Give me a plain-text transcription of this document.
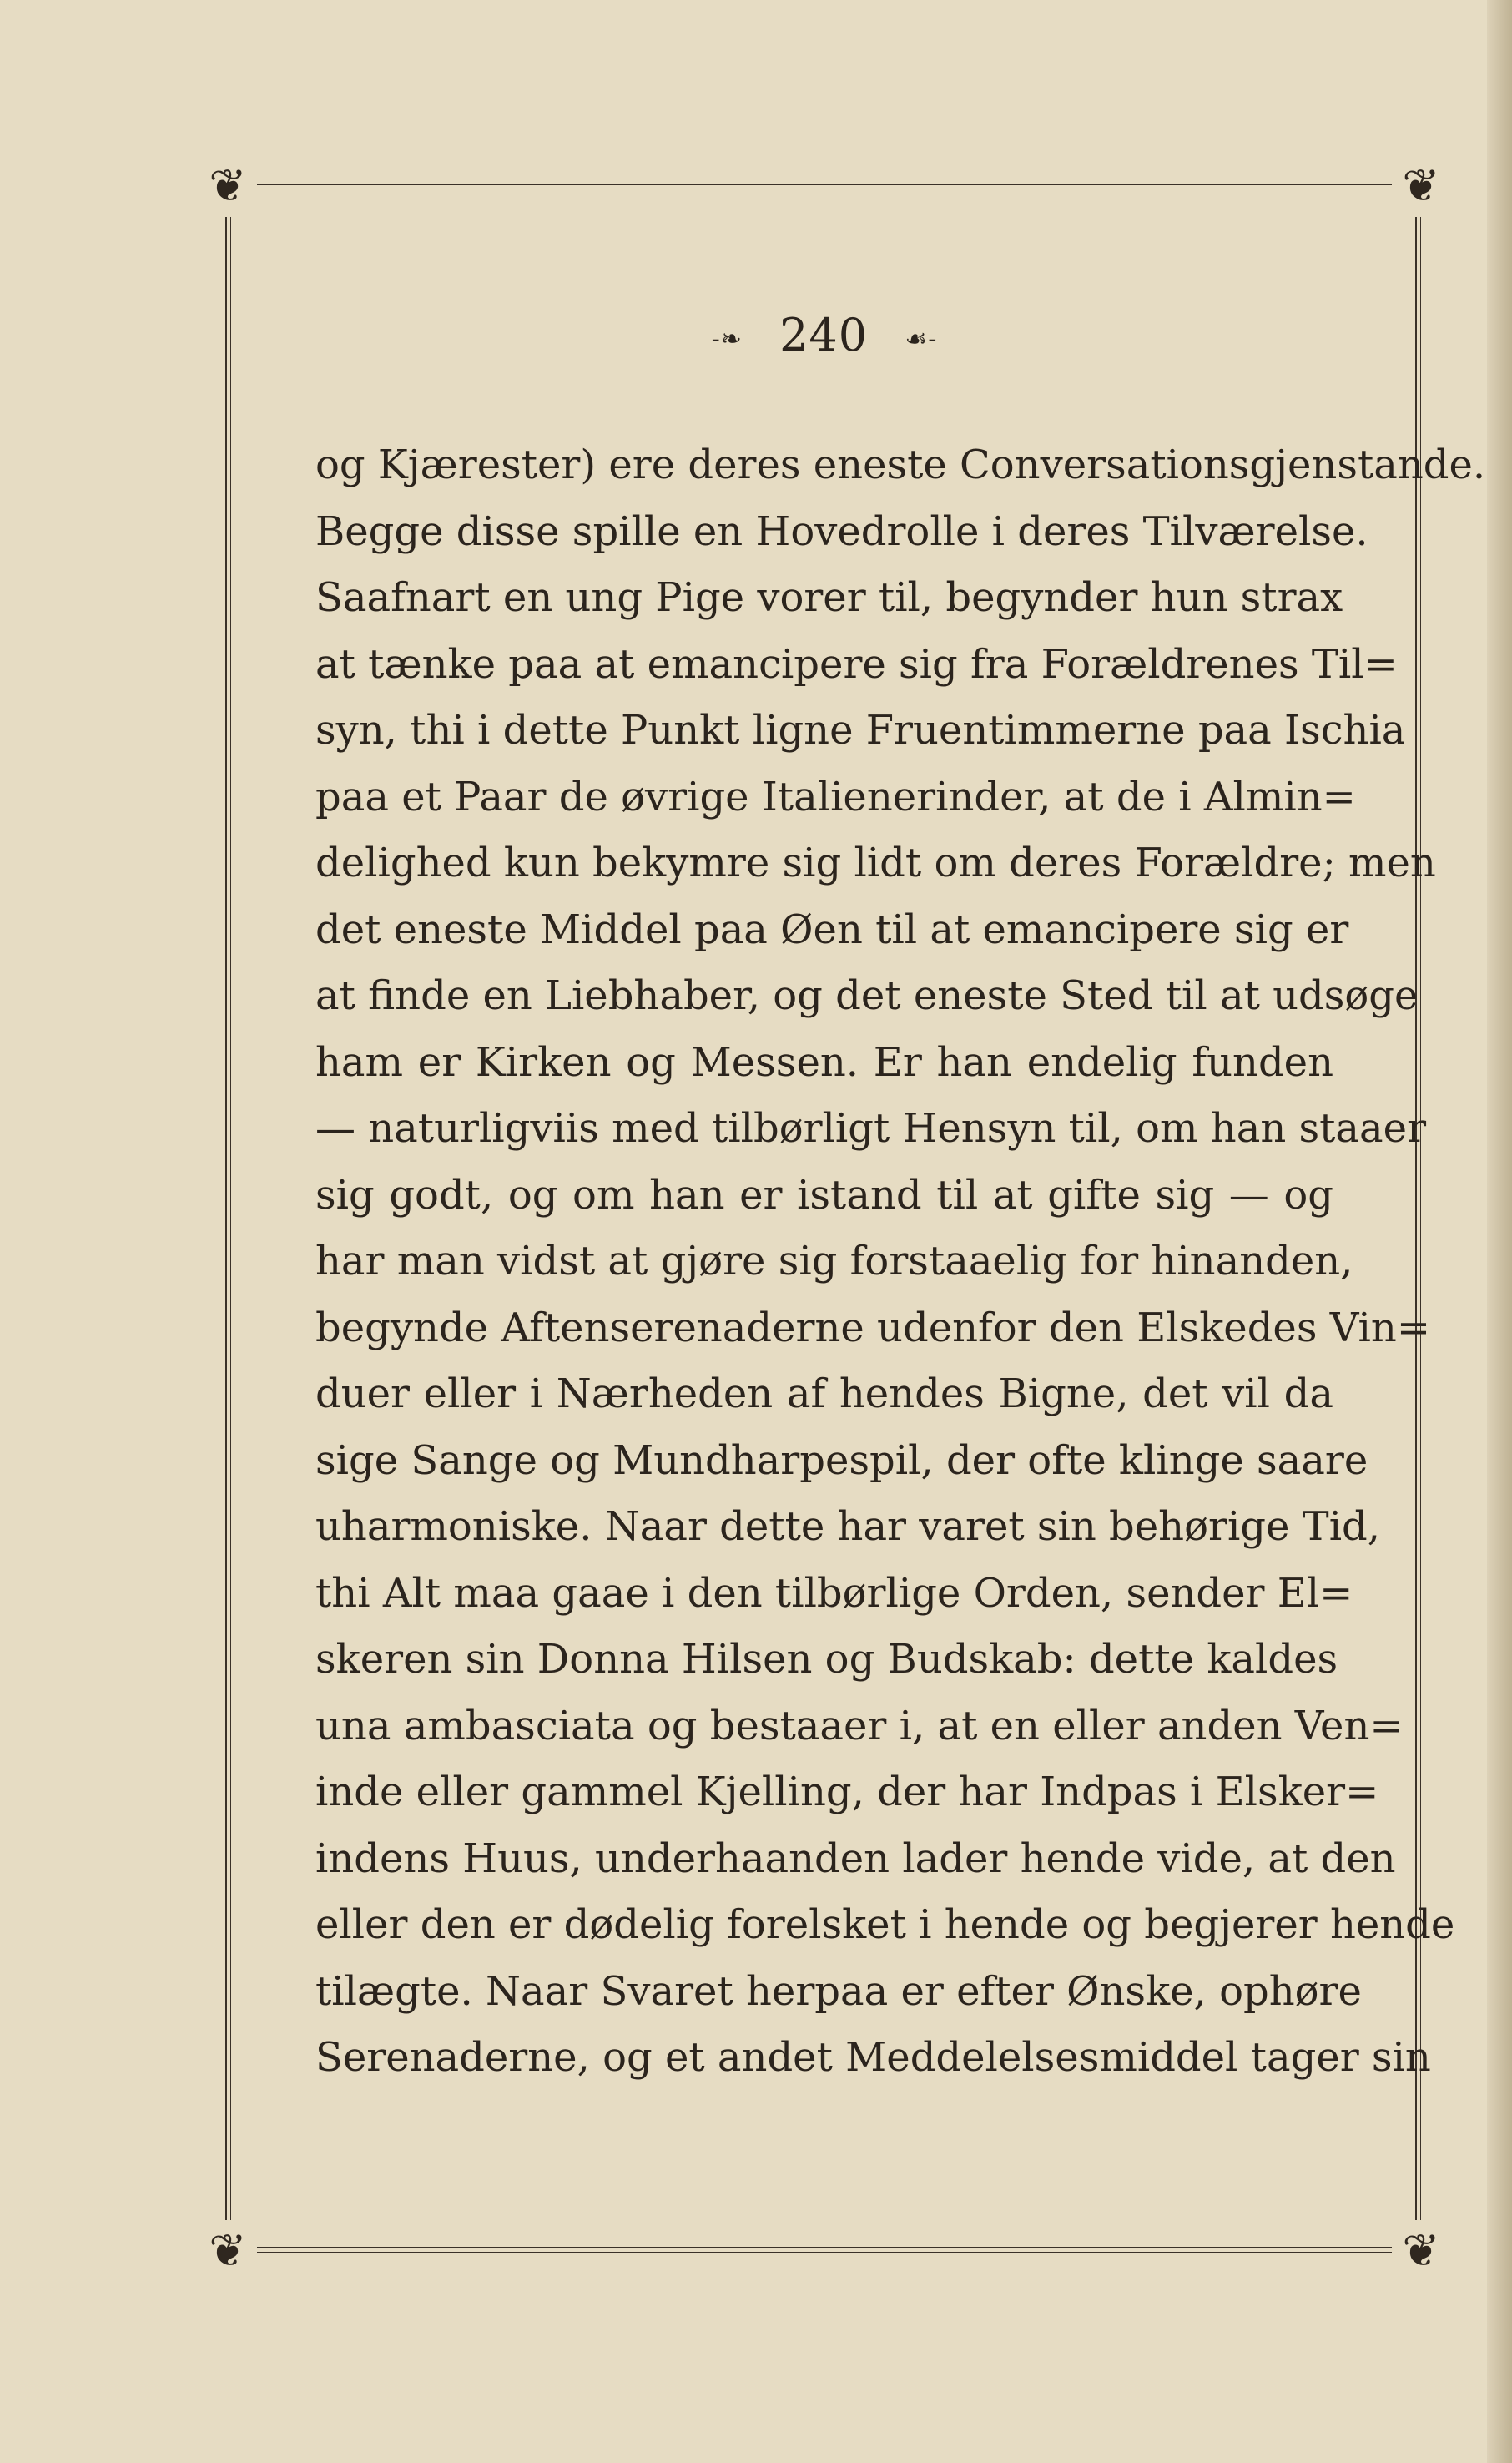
❦	❦
❦	❦
-❧ 240 ☙-
og Kjærester) ere deres eneste Conversationsgjenstande.
Begge disse spille en Hovedrolle i deres Tilværelse.
Saafnart en ung Pige vorer til, begynder hun strax
at tænke paa at emancipere sig fra Forældrenes Til=
syn, thi i dette Punkt ligne Fruentimmerne paa Ischia
paa et Paar de øvrige Italienerinder, at de i Almin=
delighed kun bekymre sig lidt om deres Forældre; men
det eneste Middel paa Øen til at emancipere sig er
at finde en Liebhaber, og det eneste Sted til at udsøge
ham er Kirken og Messen. Er han endelig funden
— naturligviis med tilbørligt Hensyn til, om han staaer
sig godt, og om han er istand til at gifte sig — og
har man vidst at gjøre sig forstaaelig for hinanden,
begynde Aftenserenaderne udenfor den Elskedes Vin=
duer eller i Nærheden af hendes Bigne, det vil da
sige Sange og Mundharpespil, der ofte klinge saare
uharmoniske. Naar dette har varet sin behørige Tid,
thi Alt maa gaae i den tilbørlige Orden, sender El=
skeren sin Donna Hilsen og Budskab: dette kaldes
una ambasciata og bestaaer i, at en eller anden Ven=
inde eller gammel Kjelling, der har Indpas i Elsker=
indens Huus, underhaanden lader hende vide, at den
eller den er dødelig forelsket i hende og begjerer hende
tilægte. Naar Svaret herpaa er efter Ønske, ophøre
Serenaderne, og et andet Meddelelsesmiddel tager sin
